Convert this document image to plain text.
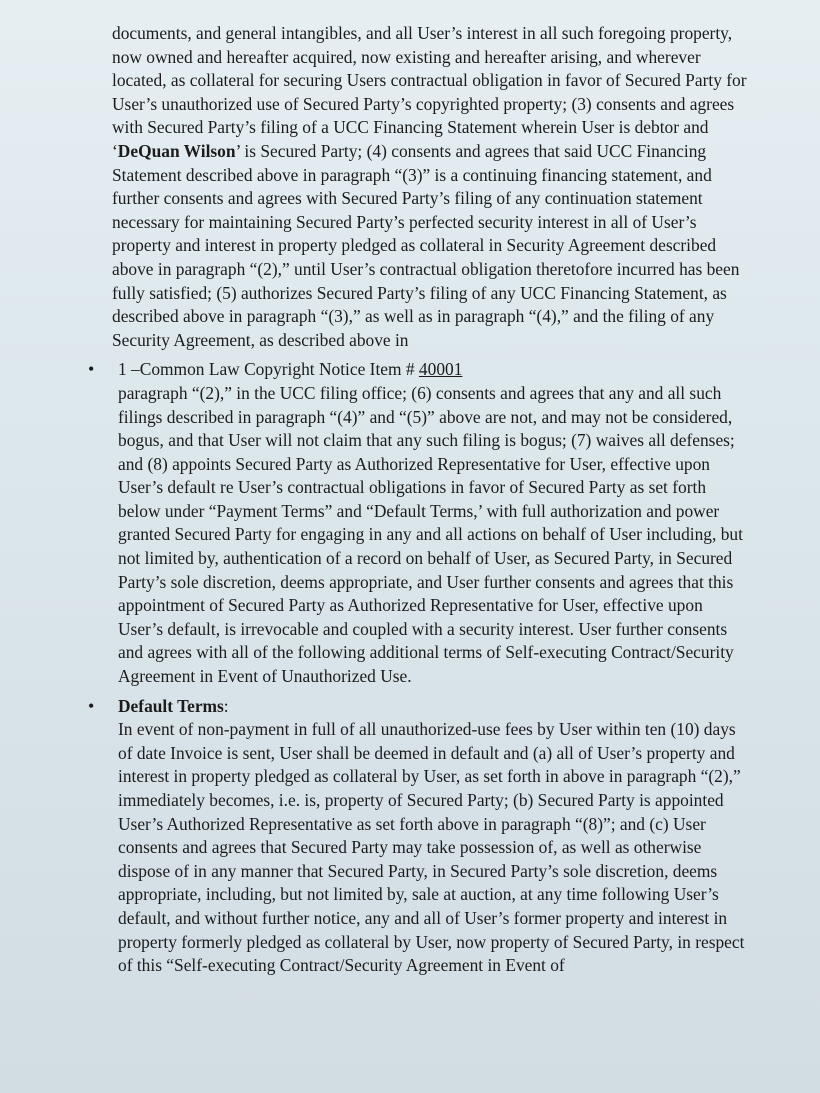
documents, and general intangibles, and all User’s interest in all such foregoing property, now owned and hereafter acquired, now existing and hereafter arising, and wherever located, as collateral for securing Users contractual obligation in favor of Secured Party for User’s unauthorized use of Secured Party’s copyrighted property; (3) consents and agrees with Secured Party’s filing of a UCC Financing Statement wherein User is debtor and ‘DeQuan Wilson’ is Secured Party; (4) consents and agrees that said UCC Financing Statement described above in paragraph “(3)” is a continuing financing statement, and further consents and agrees with Secured Party’s filing of any continuation statement necessary for maintaining Secured Party’s perfected security interest in all of User’s property and interest in property pledged as collateral in Security Agreement described above in paragraph “(2),” until User’s contractual obligation theretofore incurred has been fully satisfied; (5) authorizes Secured Party’s filing of any UCC Financing Statement, as described above in paragraph “(3),” as well as in paragraph “(4),” and the filing of any Security Agreement, as described above in

• 1 –Common Law Copyright Notice Item # 40001
paragraph “(2),” in the UCC filing office; (6) consents and agrees that any and all such filings described in paragraph “(4)” and “(5)” above are not, and may not be considered, bogus, and that User will not claim that any such filing is bogus; (7) waives all defenses; and (8) appoints Secured Party as Authorized Representative for User, effective upon User’s default re User’s contractual obligations in favor of Secured Party as set forth below under “Payment Terms” and “Default Terms,’ with full authorization and power granted Secured Party for engaging in any and all actions on behalf of User including, but not limited by, authentication of a record on behalf of User, as Secured Party, in Secured Party’s sole discretion, deems appropriate, and User further consents and agrees that this appointment of Secured Party as Authorized Representative for User, effective upon User’s default, is irrevocable and coupled with a security interest. User further consents and agrees with all of the following additional terms of Self-executing Contract/Security Agreement in Event of Unauthorized Use.
• Default Terms:
In event of non-payment in full of all unauthorized-use fees by User within ten (10) days of date Invoice is sent, User shall be deemed in default and (a) all of User’s property and interest in property pledged as collateral by User, as set forth in above in paragraph “(2),” immediately becomes, i.e. is, property of Secured Party; (b) Secured Party is appointed User’s Authorized Representative as set forth above in paragraph “(8)”; and (c) User consents and agrees that Secured Party may take possession of, as well as otherwise dispose of in any manner that Secured Party, in Secured Party’s sole discretion, deems appropriate, including, but not limited by, sale at auction, at any time following User’s default, and without further notice, any and all of User’s former property and interest in property formerly pledged as collateral by User, now property of Secured Party, in respect of this “Self-executing Contract/Security Agreement in Event of
